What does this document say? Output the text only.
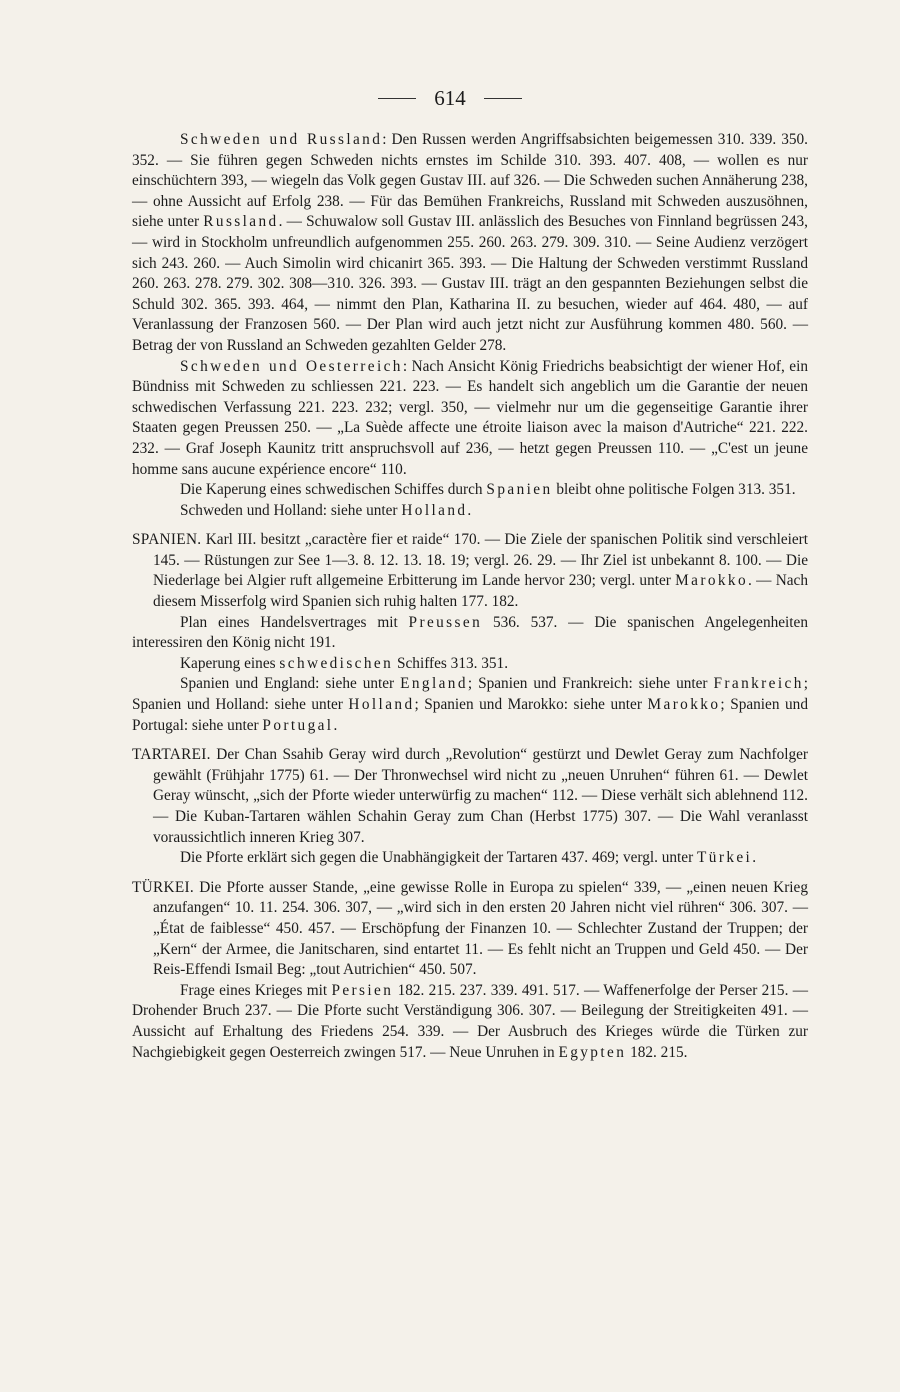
614

Schweden und Russland: Den Russen werden Angriffsabsichten beigemessen 310. 339. 350. 352. — Sie führen gegen Schweden nichts ernstes im Schilde 310. 393. 407. 408, — wollen es nur einschüchtern 393, — wiegeln das Volk gegen Gustav III. auf 326. — Die Schweden suchen Annäherung 238, — ohne Aussicht auf Erfolg 238. — Für das Bemühen Frankreichs, Russland mit Schweden auszusöhnen, siehe unter Russland. — Schuwalow soll Gustav III. anlässlich des Besuches von Finnland begrüssen 243, — wird in Stockholm unfreundlich aufgenommen 255. 260. 263. 279. 309. 310. — Seine Audienz verzögert sich 243. 260. — Auch Simolin wird chicanirt 365. 393. — Die Haltung der Schweden verstimmt Russland 260. 263. 278. 279. 302. 308—310. 326. 393. — Gustav III. trägt an den gespannten Beziehungen selbst die Schuld 302. 365. 393. 464, — nimmt den Plan, Katharina II. zu besuchen, wieder auf 464. 480, — auf Veranlassung der Franzosen 560. — Der Plan wird auch jetzt nicht zur Ausführung kommen 480. 560. — Betrag der von Russland an Schweden gezahlten Gelder 278.

Schweden und Oesterreich: Nach Ansicht König Friedrichs beabsichtigt der wiener Hof, ein Bündniss mit Schweden zu schliessen 221. 223. — Es handelt sich angeblich um die Garantie der neuen schwedischen Verfassung 221. 223. 232; vergl. 350, — vielmehr nur um die gegenseitige Garantie ihrer Staaten gegen Preussen 250. — „La Suède affecte une étroite liaison avec la maison d'Autriche“ 221. 222. 232. — Graf Joseph Kaunitz tritt anspruchsvoll auf 236, — hetzt gegen Preussen 110. — „C'est un jeune homme sans aucune expérience encore“ 110.

Die Kaperung eines schwedischen Schiffes durch Spanien bleibt ohne politische Folgen 313. 351.

Schweden und Holland: siehe unter Holland.

SPANIEN. Karl III. besitzt „caractère fier et raide“ 170. — Die Ziele der spanischen Politik sind verschleiert 145. — Rüstungen zur See 1—3. 8. 12. 13. 18. 19; vergl. 26. 29. — Ihr Ziel ist unbekannt 8. 100. — Die Niederlage bei Algier ruft allgemeine Erbitterung im Lande hervor 230; vergl. unter Marokko. — Nach diesem Misserfolg wird Spanien sich ruhig halten 177. 182.

Plan eines Handelsvertrages mit Preussen 536. 537. — Die spanischen Angelegenheiten interessiren den König nicht 191.

Kaperung eines schwedischen Schiffes 313. 351.

Spanien und England: siehe unter England; Spanien und Frankreich: siehe unter Frankreich; Spanien und Holland: siehe unter Holland; Spanien und Marokko: siehe unter Marokko; Spanien und Portugal: siehe unter Portugal.

TARTAREI. Der Chan Ssahib Geray wird durch „Revolution“ gestürzt und Dewlet Geray zum Nachfolger gewählt (Frühjahr 1775) 61. — Der Thronwechsel wird nicht zu „neuen Unruhen“ führen 61. — Dewlet Geray wünscht, „sich der Pforte wieder unterwürfig zu machen“ 112. — Diese verhält sich ablehnend 112. — Die Kuban-Tartaren wählen Schahin Geray zum Chan (Herbst 1775) 307. — Die Wahl veranlasst voraussichtlich inneren Krieg 307.

Die Pforte erklärt sich gegen die Unabhängigkeit der Tartaren 437. 469; vergl. unter Türkei.

TÜRKEI. Die Pforte ausser Stande, „eine gewisse Rolle in Europa zu spielen“ 339, — „einen neuen Krieg anzufangen“ 10. 11. 254. 306. 307, — „wird sich in den ersten 20 Jahren nicht viel rühren“ 306. 307. — „État de faiblesse“ 450. 457. — Erschöpfung der Finanzen 10. — Schlechter Zustand der Truppen; der „Kern“ der Armee, die Janitscharen, sind entartet 11. — Es fehlt nicht an Truppen und Geld 450. — Der Reis-Effendi Ismail Beg: „tout Autrichien“ 450. 507.

Frage eines Krieges mit Persien 182. 215. 237. 339. 491. 517. — Waffenerfolge der Perser 215. — Drohender Bruch 237. — Die Pforte sucht Verständigung 306. 307. — Beilegung der Streitigkeiten 491. — Aussicht auf Erhaltung des Friedens 254. 339. — Der Ausbruch des Krieges würde die Türken zur Nachgiebigkeit gegen Oesterreich zwingen 517. — Neue Unruhen in Egypten 182. 215.
